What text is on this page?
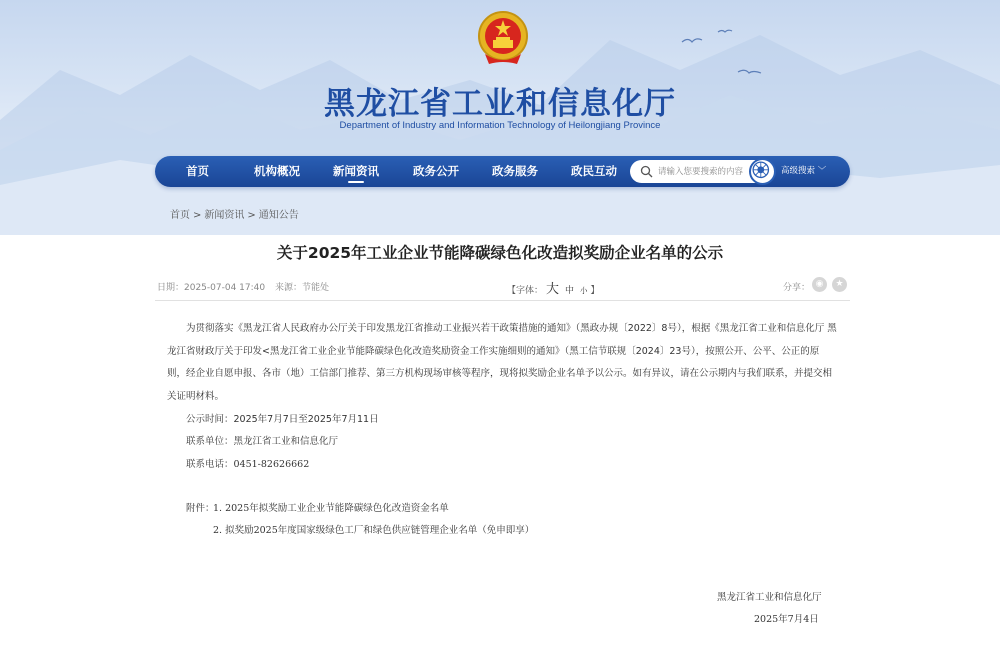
黑龙江省工业和信息化厅
Department of Industry and Information Technology of Heilongjiang Province
首页	机构概况	新闻资讯	政务公开	政务服务	政民互动
请输入您要搜索的内容	高级搜索 ﹀
首页 > 新闻资讯 > 通知公告
关于2025年工业企业节能降碳绿色化改造拟奖励企业名单的公示
日期：2025-07-04 17:40 来源：节能处	【字体： 大 中 小 】	分享： ◉	★

为贯彻落实《黑龙江省人民政府办公厅关于印发黑龙江省推动工业振兴若干政策措施的通知》（黑政办规〔2022〕8号），根据《黑龙江省工业和信息化厅 黑龙江省财政厅关于印发<黑龙江省工业企业节能降碳绿色化改造奖励资金工作实施细则的通知》（黑工信节联规〔2024〕23号），按照公开、公平、公正的原则，经企业自愿申报、各市（地）工信部门推荐、第三方机构现场审核等程序，现将拟奖励企业名单予以公示。如有异议，请在公示期内与我们联系，并提交相关证明材料。

公示时间：2025年7月7日至2025年7月11日
联系单位：黑龙江省工业和信息化厅
联系电话：0451-82626662
附件：
1. 2025年拟奖励工业企业节能降碳绿色化改造资金名单
2. 拟奖励2025年度国家级绿色工厂和绿色供应链管理企业名单（免申即享）
黑龙江省工业和信息化厅
2025年7月4日
